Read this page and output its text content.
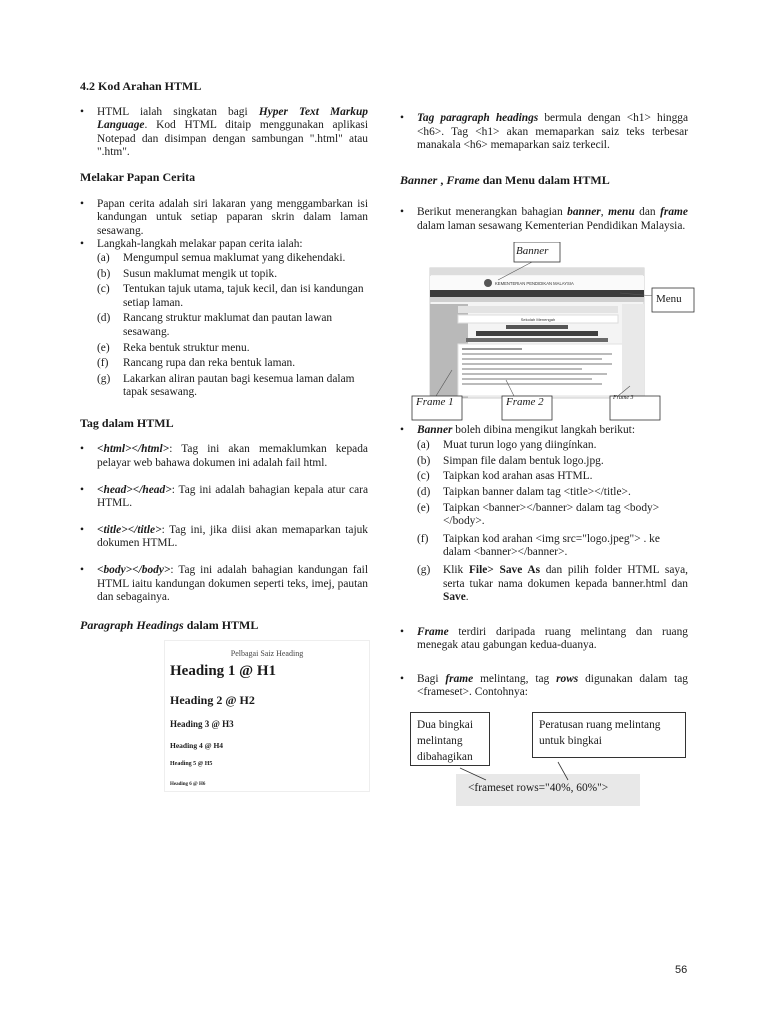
4.2 Kod Arahan HTML

• HTML ialah singkatan bagi Hyper Text Markup Language. Kod HTML ditaip menggunakan aplikasi Notepad dan disimpan dengan sambungan ".html" atau ".htm".

Melakar Papan Cerita

• Papan cerita adalah siri lakaran yang menggambarkan isi kandungan untuk setiap paparan skrin dalam laman sesawang.
• Langkah-langkah melakar papan cerita ialah:
(a) Mengumpul semua maklumat yang dikehendaki.
(b) Susun maklumat mengik ut topik.
(c) Tentukan tajuk utama, tajuk kecil, dan isi kandungan setiap laman.
(d) Rancang struktur maklumat dan pautan lawan sesawang.
(e) Reka bentuk struktur menu.
(f) Rancang rupa dan reka bentuk laman.
(g) Lakarkan aliran pautan bagi kesemua laman dalam tapak sesawang.

Tag dalam HTML

• <html></html>: Tag ini akan memaklumkan kepada pelayar web bahawa dokumen ini adalah fail html.
• <head></head>: Tag ini adalah bahagian kepala atur cara HTML.
• <title></title>: Tag ini, jika diisi akan memaparkan tajuk dokumen HTML.
• <body></body>: Tag ini adalah bahagian kandungan fail HTML iaitu kandungan dokumen seperti teks, imej, pautan dan sebagainya.

Paragraph Headings dalam HTML

Pelbagai Saiz Heading
Heading 1 @ H1
Heading 2 @ H2
Heading 3 @ H3
Heading 4 @ H4
Heading 5 @ H5
Heading 6 @ H6
• Tag paragraph headings bermula dengan <h1> hingga <h6>. Tag <h1> akan memaparkan saiz teks terbesar manakala <h6> memaparkan saiz terkecil.

Banner , Frame dan Menu dalam HTML

• Berikut menerangkan bahagian banner, menu dan frame dalam laman sesawang Kementerian Pendidikan Malaysia.
KEMENTERIAN PENDIDIKAN MALAYSIA
Sekolah Menengah
Banner
Menu
Frame 1	Frame 2	Frame 3
• Banner boleh dibina mengikut langkah berikut:
(a) Muat turun logo yang diingínkan.
(b) Simpan file dalam bentuk logo.jpg.
(c) Taipkan kod arahan asas HTML.
(d) Taipkan banner dalam tag <title></title>.
(e) Taipkan <banner></banner> dalam tag <body></body>.
(f) Taipkan kod arahan <img src="logo.jpeg"> . ke dalam <banner></banner>.
(g) Klik File> Save As dan pilih folder HTML saya, serta tukar nama dokumen kepada banner.html dan Save.
• Frame terdiri daripada ruang melintang dan ruang menegak atau gabungan kedua-duanya.
• Bagi frame melintang, tag rows digunakan dalam tag <frameset>. Contohnya:
Dua bingkai melintang dibahagikan
Peratusan ruang melintang untuk bingkai
<frameset rows="40%, 60%">
56
